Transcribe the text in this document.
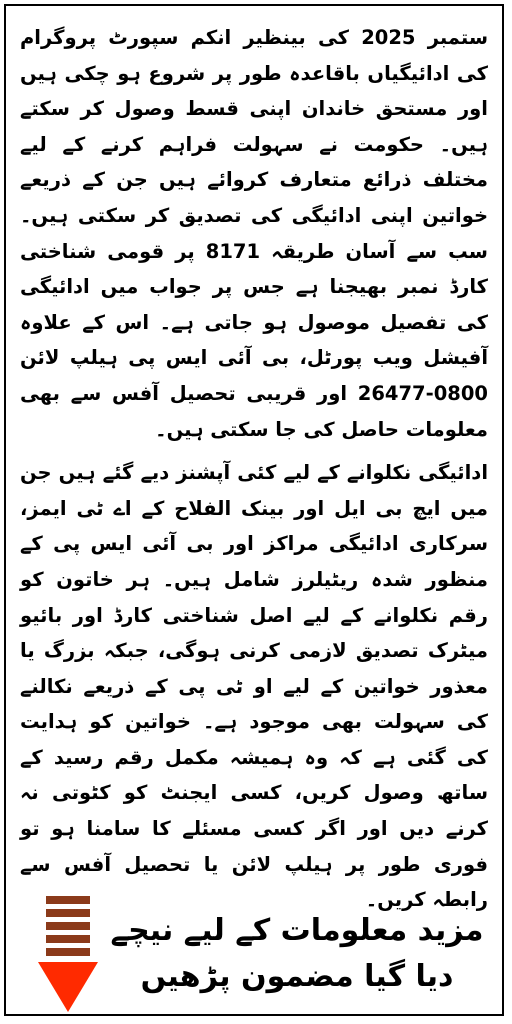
ستمبر 2025 کی بینظیر انکم سپورٹ پروگرام کی ادائیگیاں باقاعدہ طور پر شروع ہو چکی ہیں اور مستحق خاندان اپنی قسط وصول کر سکتے ہیں۔ حکومت نے سہولت فراہم کرنے کے لیے مختلف ذرائع متعارف کروائے ہیں جن کے ذریعے خواتین اپنی ادائیگی کی تصدیق کر سکتی ہیں۔ سب سے آسان طریقہ 8171 پر قومی شناختی کارڈ نمبر بھیجنا ہے جس پر جواب میں ادائیگی کی تفصیل موصول ہو جاتی ہے۔ اس کے علاوہ آفیشل ویب پورٹل، بی آئی ایس پی ہیلپ لائن 0800-26477 اور قریبی تحصیل آفس سے بھی معلومات حاصل کی جا سکتی ہیں۔

ادائیگی نکلوانے کے لیے کئی آپشنز دیے گئے ہیں جن میں ایچ بی ایل اور بینک الفلاح کے اے ٹی ایمز، سرکاری ادائیگی مراکز اور بی آئی ایس پی کے منظور شدہ ریٹیلرز شامل ہیں۔ ہر خاتون کو رقم نکلوانے کے لیے اصل شناختی کارڈ اور بائیو میٹرک تصدیق لازمی کرنی ہوگی، جبکہ بزرگ یا معذور خواتین کے لیے او ٹی پی کے ذریعے نکالنے کی سہولت بھی موجود ہے۔ خواتین کو ہدایت کی گئی ہے کہ وہ ہمیشہ مکمل رقم رسید کے ساتھ وصول کریں، کسی ایجنٹ کو کٹوتی نہ کرنے دیں اور اگر کسی مسئلے کا سامنا ہو تو فوری طور پر ہیلپ لائن یا تحصیل آفس سے رابطہ کریں۔

مزید معلومات کے لیے نیچے
دیا گیا مضمون پڑھیں
